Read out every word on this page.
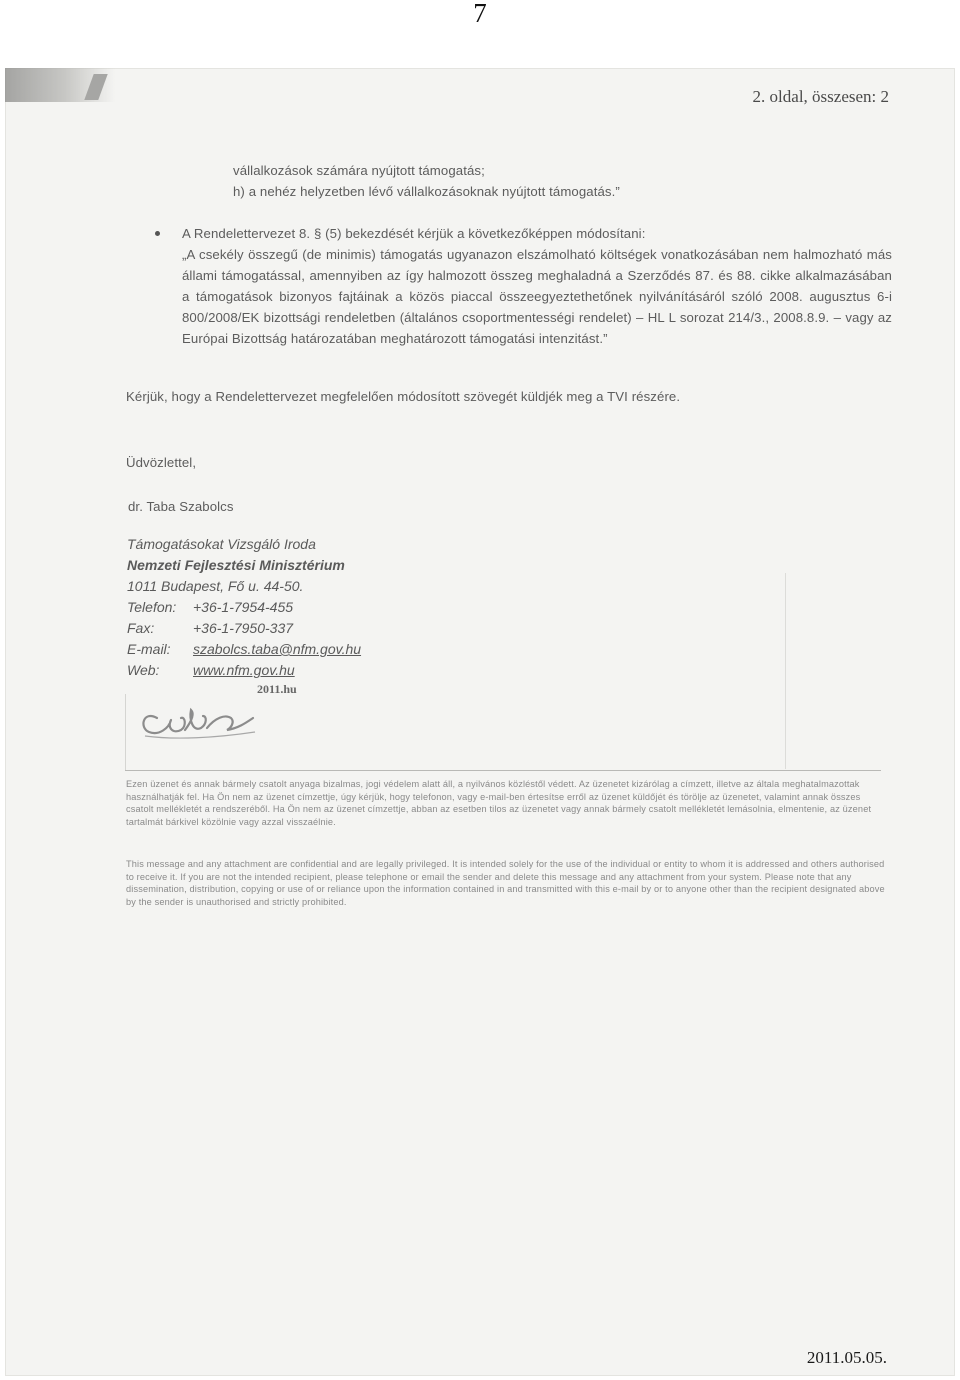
7
2. oldal, összesen: 2
vállalkozások számára nyújtott támogatás;
h) a nehéz helyzetben lévő vállalkozásoknak nyújtott támogatás.”
A Rendelettervezet 8. § (5) bekezdését kérjük a következőképpen módosítani:
„A csekély összegű (de minimis) támogatás ugyanazon elszámolható költségek vonatkozásában nem halmozható más állami támogatással, amennyiben az így halmozott összeg meghaladná a Szerződés 87. és 88. cikke alkalmazásában a támogatások bizonyos fajtáinak a közös piaccal összeegyeztethetőnek nyilvánításáról szóló 2008. augusztus 6-i 800/2008/EK bizottsági rendeletben (általános csoportmentességi rendelet) – HL L sorozat 214/3., 2008.8.9. – vagy az Európai Bizottság határozatában meghatározott támogatási intenzitást.”
Kérjük, hogy a Rendelettervezet megfelelően módosított szövegét küldjék meg a TVI részére.
Üdvözlettel,
dr. Taba Szabolcs
Támogatásokat Vizsgáló Iroda
Nemzeti Fejlesztési Minisztérium
1011 Budapest, Fő u. 44-50.
Telefon: +36-1-7954-455
Fax:	+36-1-7950-337
E-mail: szabolcs.taba@nfm.gov.hu
Web: www.nfm.gov.hu
2011.hu
Ezen üzenet és annak bármely csatolt anyaga bizalmas, jogi védelem alatt áll, a nyilvános közléstől védett. Az üzenetet kizárólag a címzett, illetve az általa meghatalmazottak használhatják fel. Ha Ön nem az üzenet címzettje, úgy kérjük, hogy telefonon, vagy e-mail-ben értesítse erről az üzenet küldőjét és törölje az üzenetet, valamint annak összes csatolt mellékletét a rendszeréből. Ha Ön nem az üzenet címzettje, abban az esetben tilos az üzenetet vagy annak bármely csatolt mellékletét lemásolnia, elmentenie, az üzenet tartalmát bárkivel közölnie vagy azzal visszaélnie.
This message and any attachment are confidential and are legally privileged. It is intended solely for the use of the individual or entity to whom it is addressed and others authorised to receive it. If you are not the intended recipient, please telephone or email the sender and delete this message and any attachment from your system. Please note that any dissemination, distribution, copying or use of or reliance upon the information contained in and transmitted with this e-mail by or to anyone other than the recipient designated above by the sender is unauthorised and strictly prohibited.
2011.05.05.
